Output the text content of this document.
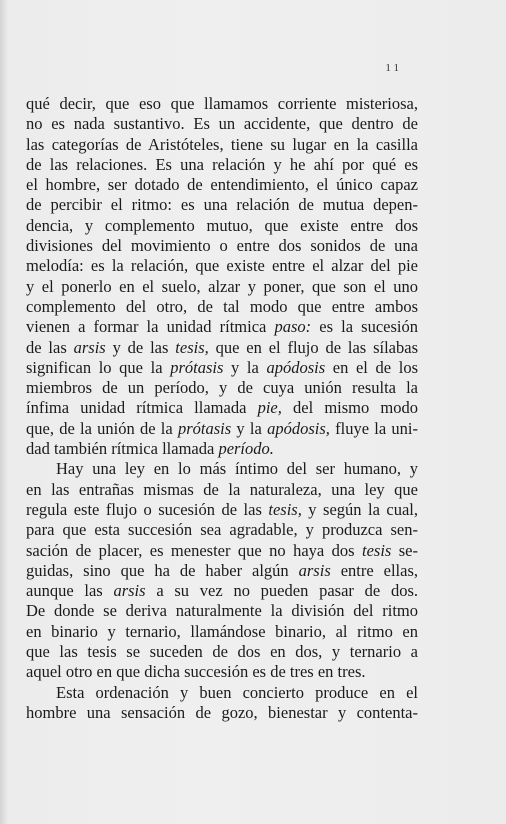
11
qué decir, que eso que llamamos corriente misteriosa,
no es nada sustantivo. Es un accidente, que dentro de
las categorías de Aristóteles, tiene su lugar en la casilla
de las relaciones. Es una relación y he ahí por qué es
el hombre, ser dotado de entendimiento, el único capaz
de percibir el ritmo: es una relación de mutua depen-
dencia, y complemento mutuo, que existe entre dos
divisiones del movimiento o entre dos sonidos de una
melodía: es la relación, que existe entre el alzar del pie
y el ponerlo en el suelo, alzar y poner, que son el uno
complemento del otro, de tal modo que entre ambos
vienen a formar la unidad rítmica paso: es la sucesión
de las arsis y de las tesis, que en el flujo de las sílabas
significan lo que la prótasis y la apódosis en el de los
miembros de un período, y de cuya unión resulta la
ínfima unidad rítmica llamada pie, del mismo modo
que, de la unión de la prótasis y la apódosis, fluye la uni-
dad también rítmica llamada período.
Hay una ley en lo más íntimo del ser humano, y
en las entrañas mismas de la naturaleza, una ley que
regula este flujo o sucesión de las tesis, y según la cual,
para que esta succesión sea agradable, y produzca sen-
sación de placer, es menester que no haya dos tesis se-
guidas, sino que ha de haber algún arsis entre ellas,
aunque las arsis a su vez no pueden pasar de dos.
De donde se deriva naturalmente la división del ritmo
en binario y ternario, llamándose binario, al ritmo en
que las tesis se suceden de dos en dos, y ternario a
aquel otro en que dicha succesión es de tres en tres.
Esta ordenación y buen concierto produce en el
hombre una sensación de gozo, bienestar y contenta-
